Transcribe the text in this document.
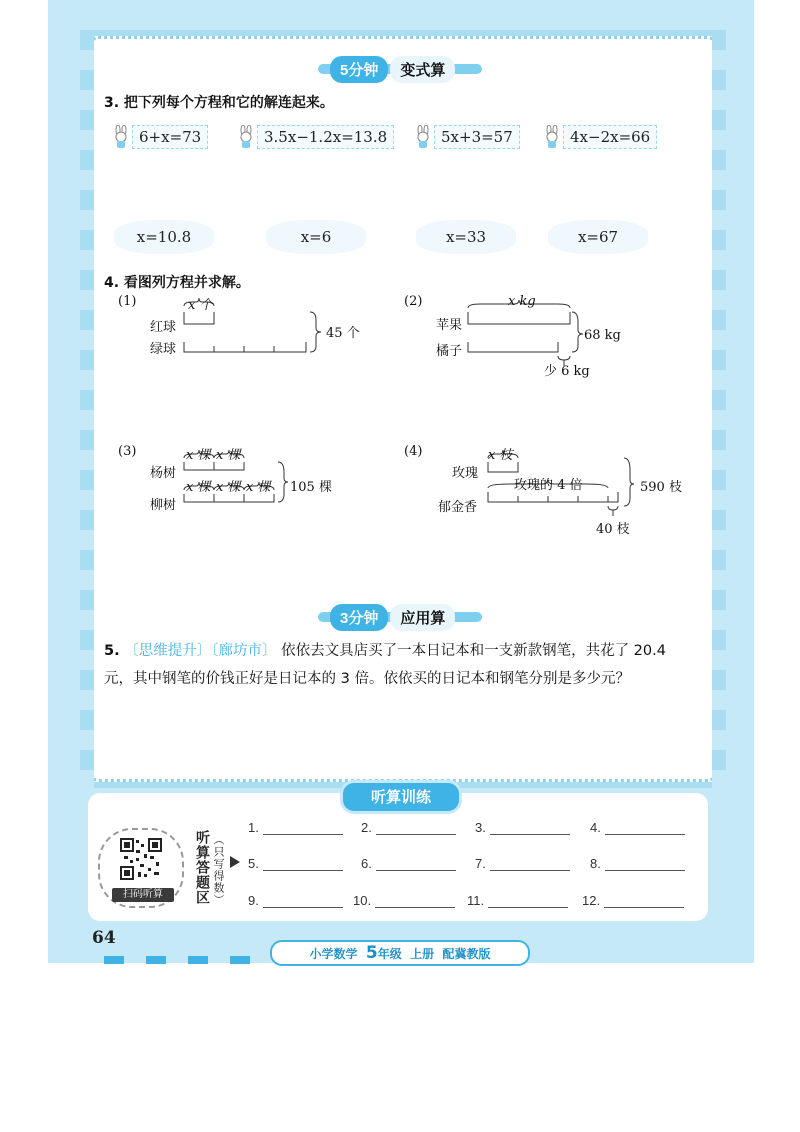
5分钟	变式算
3. 把下列每个方程和它的解连起来。
6+x=73	3.5x−1.2x=13.8	5x+3=57	4x−2x=66
x=10.8	x=6	x=33	x=67
4. 看图列方程并求解。
(1)	x 个
红球
绿球
45 个
(2)	x kg
苹果
橘子
68 kg
少 6 kg
(3)	x 棵 x 棵
x 棵 x 棵 x 棵
杨树
柳树
105 棵
(4)	x 枝
玫瑰
玫瑰的 4 倍
郁金香
590 枝
40 枝
3分钟	应用算
5. 〔思维提升〕〔廊坊市〕 依依去文具店买了一本日记本和一支新款钢笔，共花了 20.4 元，其中钢笔的价钱正好是日记本的 3 倍。依依买的日记本和钢笔分别是多少元？
听算训练
扫码听算	听算答题区 （只写得数）
1.	2.	3.	4.
5.	6.	7.	8.
9.	10.	11.	12.
64
小学数学 5年级 上册 配冀教版
